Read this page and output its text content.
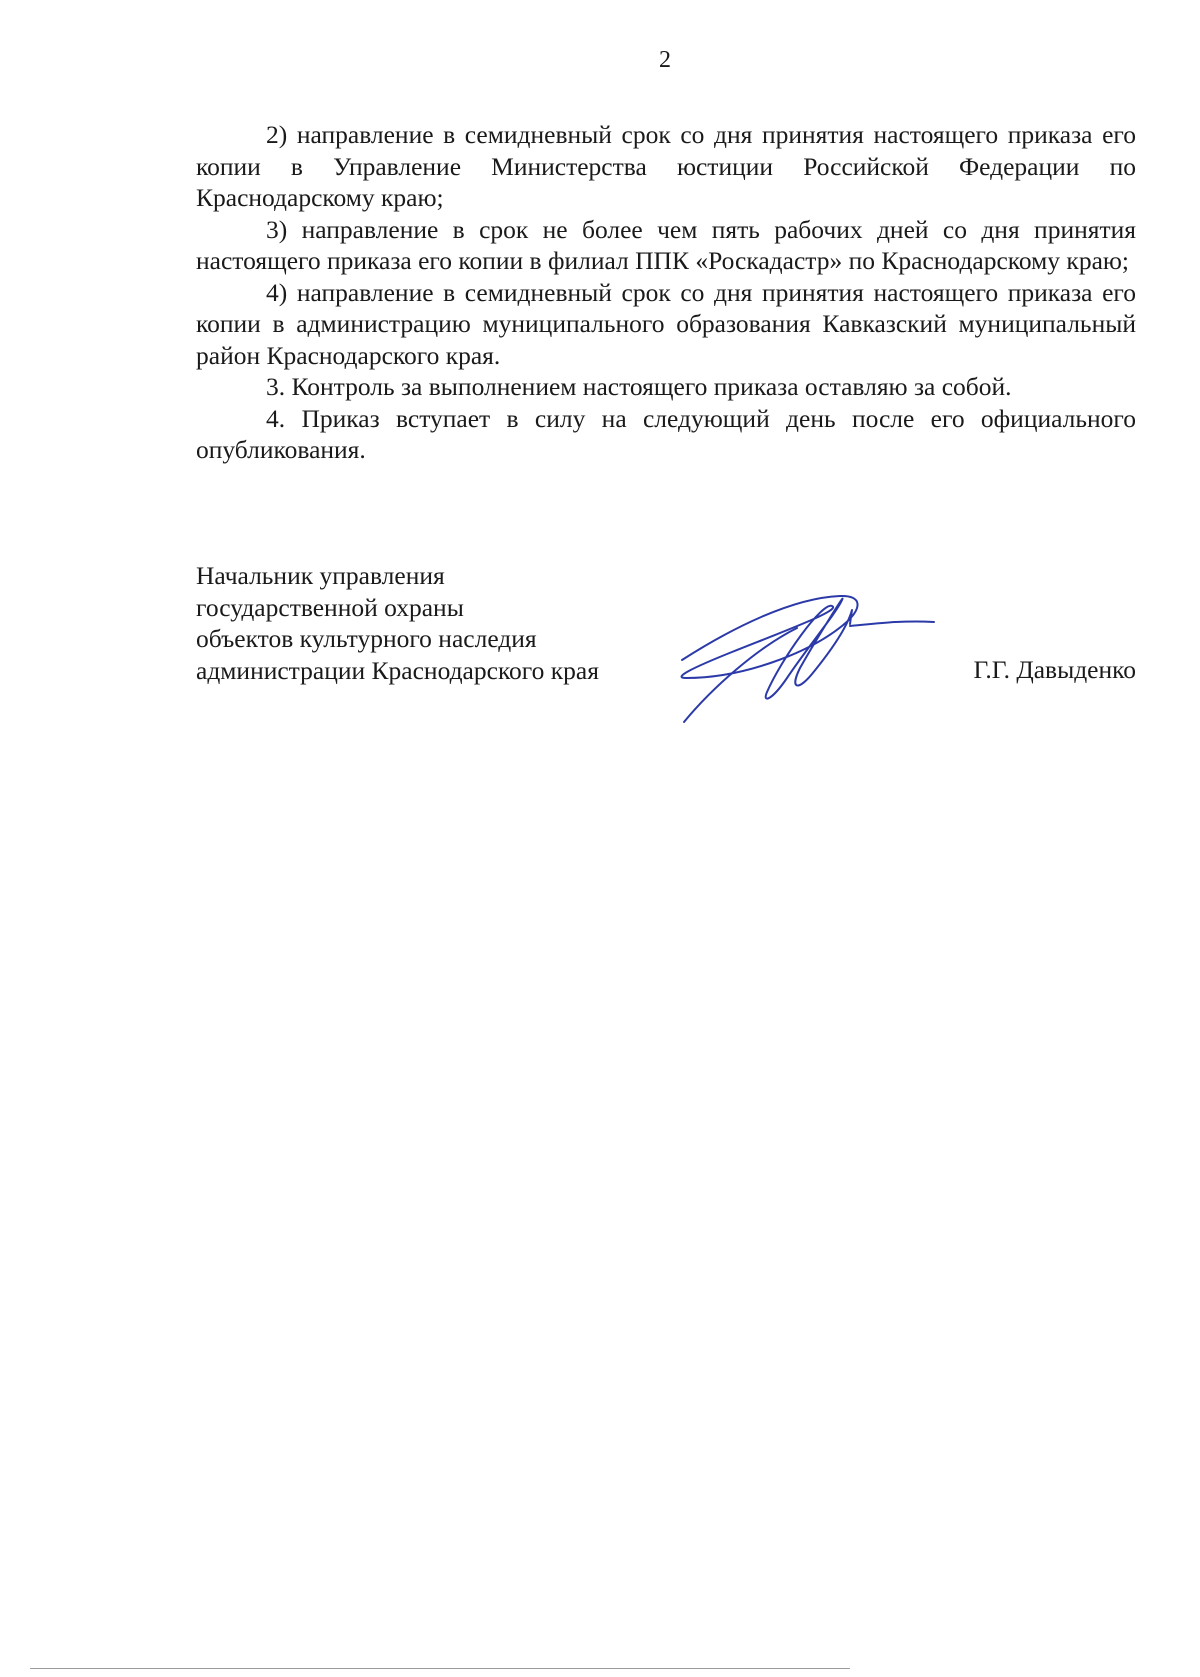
2

2) направление в семидневный срок со дня принятия настоящего приказа его копии в Управление Министерства юстиции Российской Федерации по Краснодарскому краю;

3) направление в срок не более чем пять рабочих дней со дня принятия настоящего приказа его копии в филиал ППК «Роскадастр» по Краснодарскому краю;

4) направление в семидневный срок со дня принятия настоящего приказа его копии в администрацию муниципального образования Кавказский муниципальный район Краснодарского края.

3. Контроль за выполнением настоящего приказа оставляю за собой.

4. Приказ вступает в силу на следующий день после его официального опубликования.

Начальник управления
государственной охраны
объектов культурного наследия
администрации Краснодарского края	Г.Г. Давыденко
